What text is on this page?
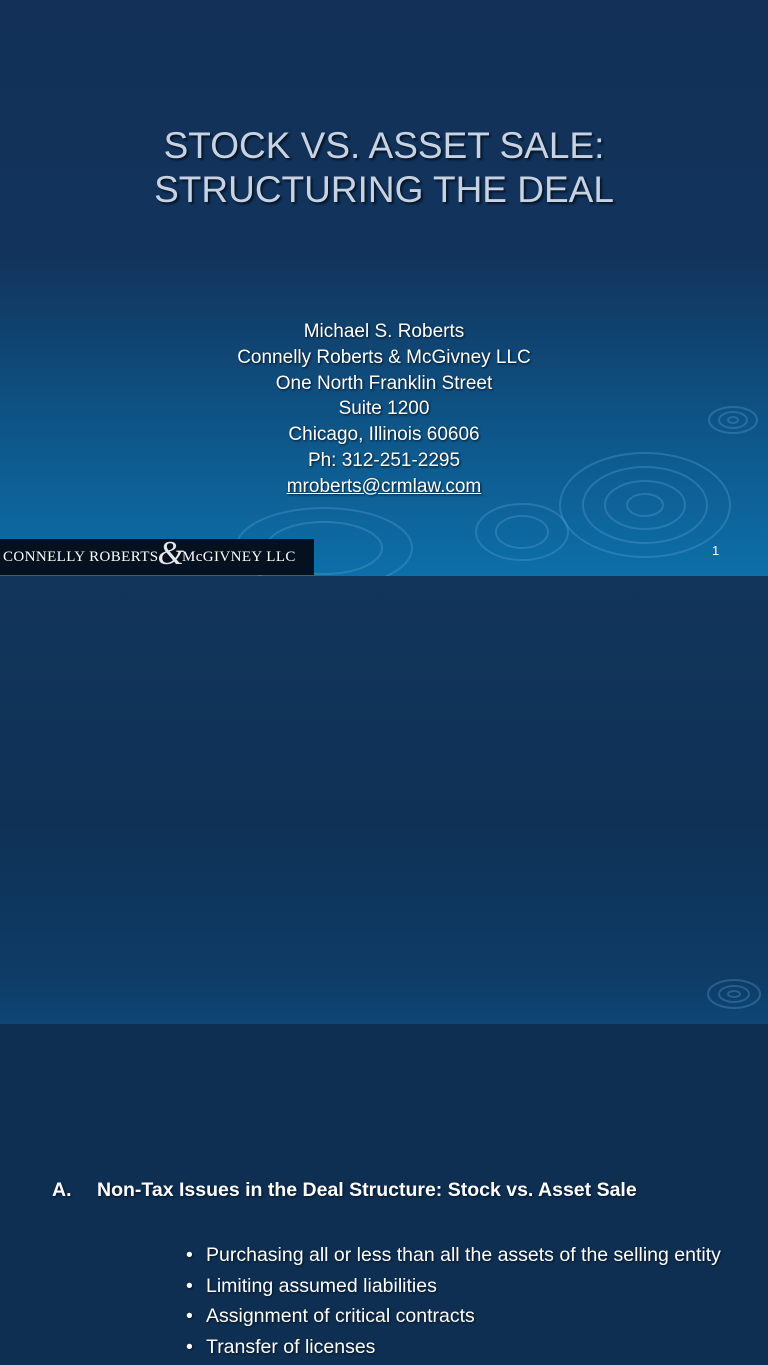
STOCK VS. ASSET SALE:
STRUCTURING THE DEAL
Michael S. Roberts
Connelly Roberts & McGivney LLC
One North Franklin Street
Suite 1200
Chicago, Illinois 60606
Ph: 312-251-2295
mroberts@crmlaw.com
CONNELLY ROBERTS &
McGIVNEY LLC	1
A. Non-Tax Issues in the Deal Structure: Stock vs. Asset Sale
• Purchasing all or less than all the assets of the selling entity
• Limiting assumed liabilities
• Assignment of critical contracts
• Transfer of licenses
